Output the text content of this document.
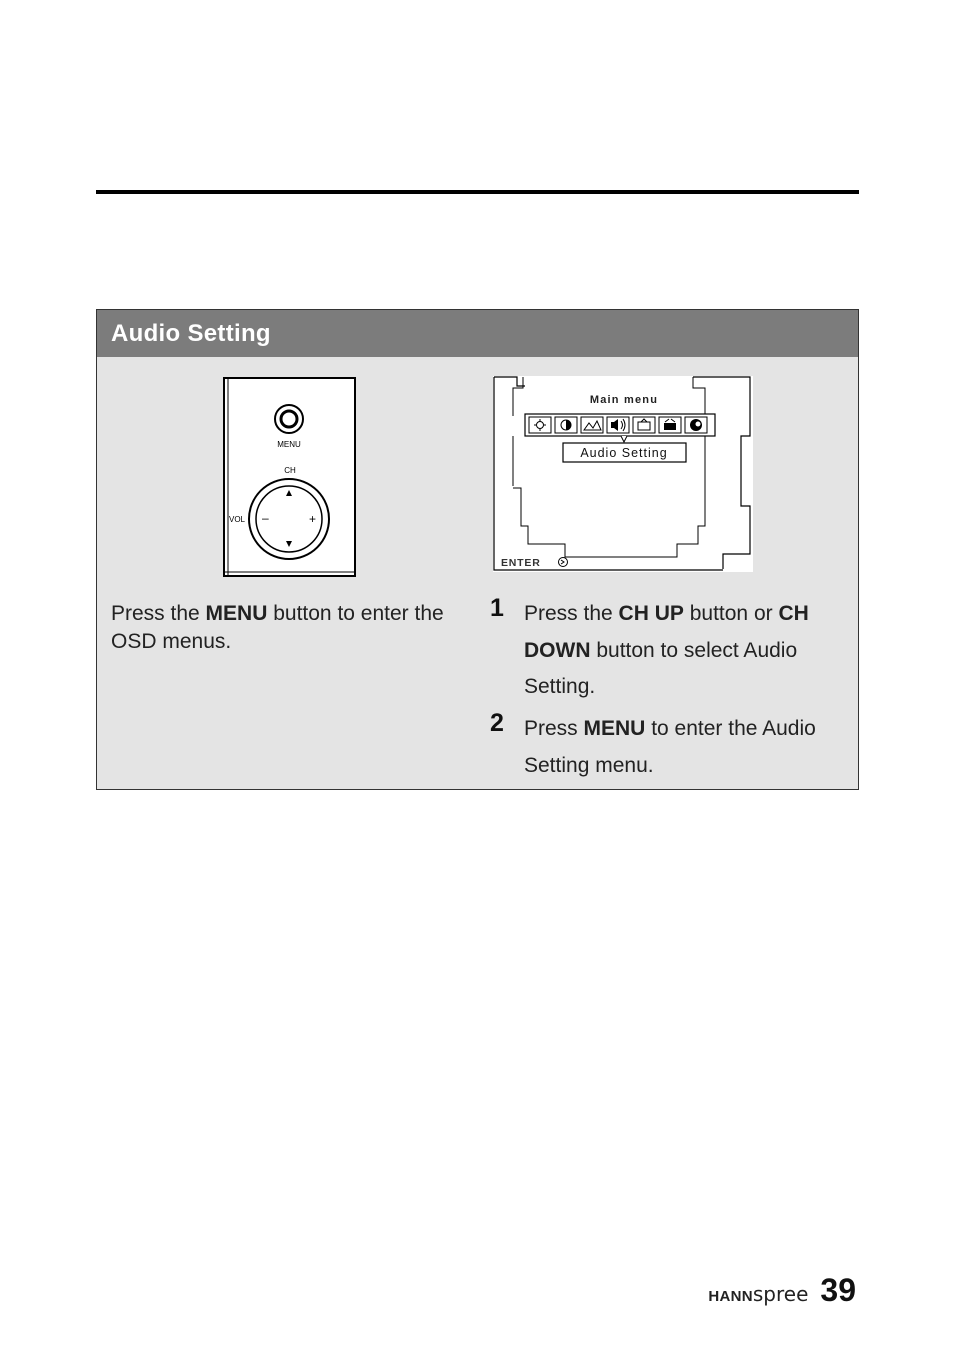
Audio Setting
MENU
CH
VOL –	+
Main menu
Audio Setting
ENTER
Press the MENU button to enter the OSD menus.
1 Press the CH UP button or CH DOWN button to select Audio Setting.
2 Press MENU to enter the Audio Setting menu.
HANNspree 39
